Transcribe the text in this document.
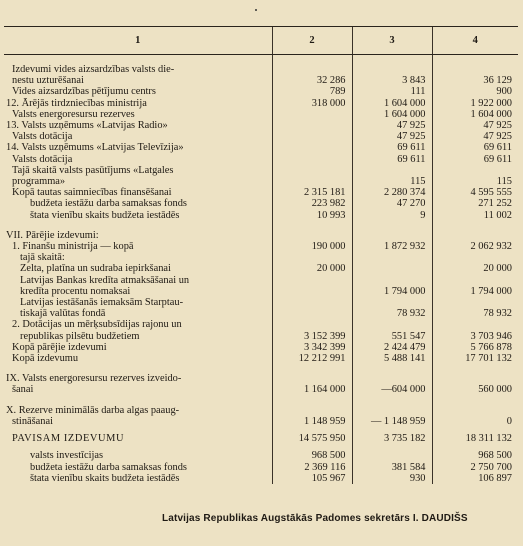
1	2	3	4

Izdevumi vides aizsardzības valsts die-			
nestu uzturēšanai	32 286	3 843	36 129
Vides aizsardzības pētījumu centrs	789	111	900
12. Ārējās tirdzniecības ministrija	318 000	1 604 000	1 922 000
Valsts energoresursu rezerves		1 604 000	1 604 000
13. Valsts uzņēmums «Latvijas Radio»		47 925	47 925
Valsts dotācija		47 925	47 925
14. Valsts uzņēmums «Latvijas Televīzija»		69 611	69 611
Valsts dotācija		69 611	69 611
Tajā skaitā valsts pasūtījums «Latgales			
programma»		115	115
Kopā tautas saimniecības finansēšanai	2 315 181	2 280 374	4 595 555
budžeta iestāžu darba samaksas fonds	223 982	47 270	271 252
štata vienību skaits budžeta iestādēs	10 993	9	11 002

VII. Pārējie izdevumi:			
1. Finanšu ministrija — kopā	190 000	1 872 932	2 062 932
tajā skaitā:			
Zelta, platīna un sudraba iepirkšanai	20 000		20 000
Latvijas Bankas kredīta atmaksāšanai un			
kredīta procentu nomaksai		1 794 000	1 794 000
Latvijas iestāšanās iemaksām Starptau-			
tiskajā valūtas fondā		78 932	78 932
2. Dotācijas un mērķsubsīdijas rajonu un			
republikas pilsētu budžetiem	3 152 399	551 547	3 703 946
Kopā pārējie izdevumi	3 342 399	2 424 479	5 766 878
Kopā izdevumu	12 212 991	5 488 141	17 701 132

IX. Valsts energoresursu rezerves izveido-			
šanai	1 164 000	—604 000	560 000

X. Rezerve minimālās darba algas paaug-			
stināšanai	1 148 959	— 1 148 959	0

PAVISAM IZDEVUMU	14 575 950	3 735 182	18 311 132

valsts investīcijas	968 500		968 500
budžeta iestāžu darba samaksas fonds	2 369 116	381 584	2 750 700
štata vienību skaits budžeta iestādēs	105 967	930	106 897
Latvijas Republikas Augstākās Padomes sekretārs I. DAUDIŠS
